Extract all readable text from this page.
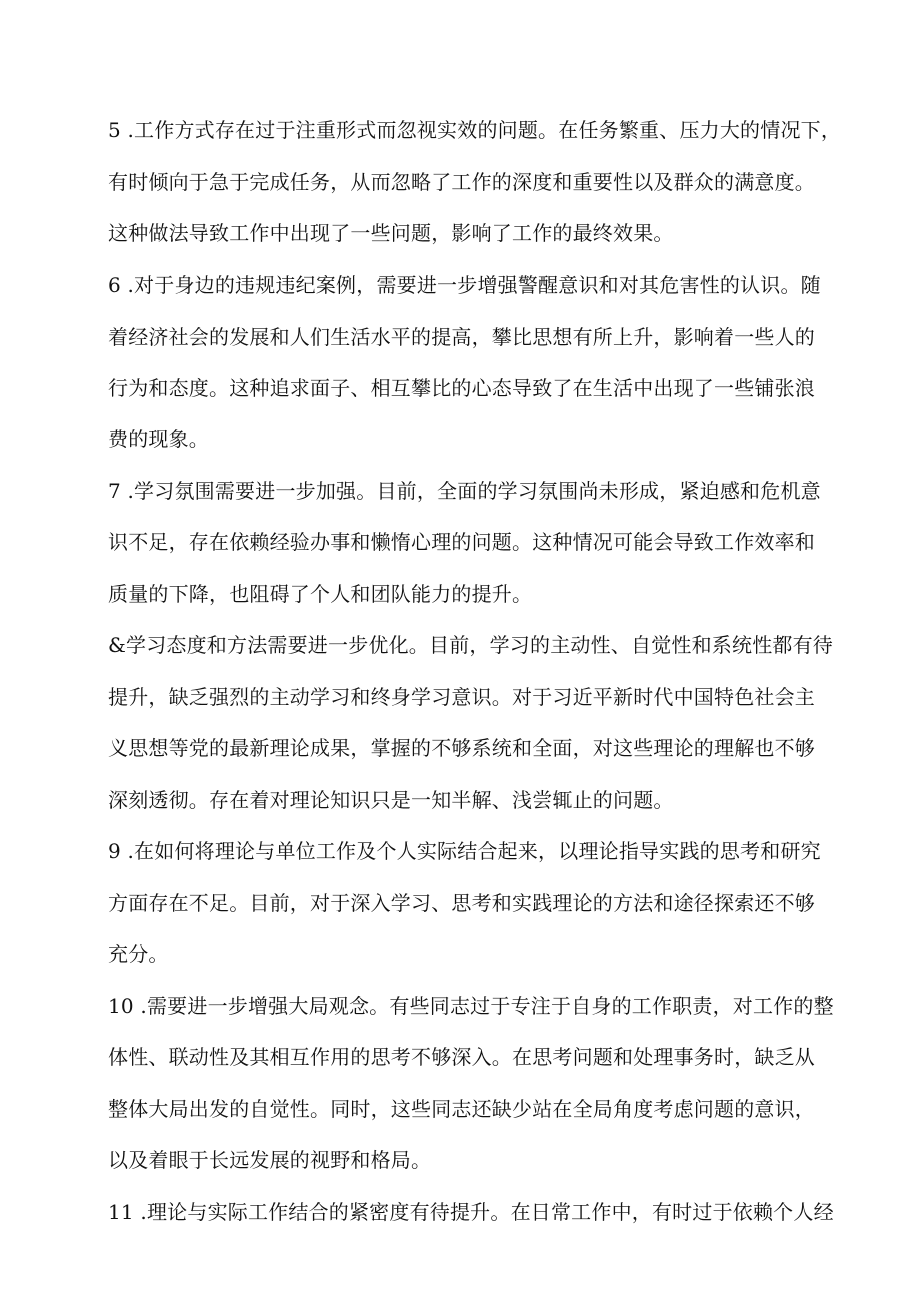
5 .工作方式存在过于注重形式而忽视实效的问题。在任务繁重、压力大的情况下，
有时倾向于急于完成任务，从而忽略了工作的深度和重要性以及群众的满意度。
这种做法导致工作中出现了一些问题，影响了工作的最终效果。
6 .对于身边的违规违纪案例，需要进一步增强警醒意识和对其危害性的认识。随
着经济社会的发展和人们生活水平的提高，攀比思想有所上升，影响着一些人的
行为和态度。这种追求面子、相互攀比的心态导致了在生活中出现了一些铺张浪
费的现象。
7 .学习氛围需要进一步加强。目前，全面的学习氛围尚未形成，紧迫感和危机意
识不足，存在依赖经验办事和懒惰心理的问题。这种情况可能会导致工作效率和
质量的下降，也阻碍了个人和团队能力的提升。
&学习态度和方法需要进一步优化。目前，学习的主动性、自觉性和系统性都有待
提升，缺乏强烈的主动学习和终身学习意识。对于习近平新时代中国特色社会主
义思想等党的最新理论成果，掌握的不够系统和全面，对这些理论的理解也不够
深刻透彻。存在着对理论知识只是一知半解、浅尝辄止的问题。
9 .在如何将理论与单位工作及个人实际结合起来，以理论指导实践的思考和研究
方面存在不足。目前，对于深入学习、思考和实践理论的方法和途径探索还不够
充分。
10 .需要进一步增强大局观念。有些同志过于专注于自身的工作职责，对工作的整
体性、联动性及其相互作用的思考不够深入。在思考问题和处理事务时，缺乏从
整体大局出发的自觉性。同时，这些同志还缺少站在全局角度考虑问题的意识，
以及着眼于长远发展的视野和格局。
11 .理论与实际工作结合的紧密度有待提升。在日常工作中，有时过于依赖个人经
